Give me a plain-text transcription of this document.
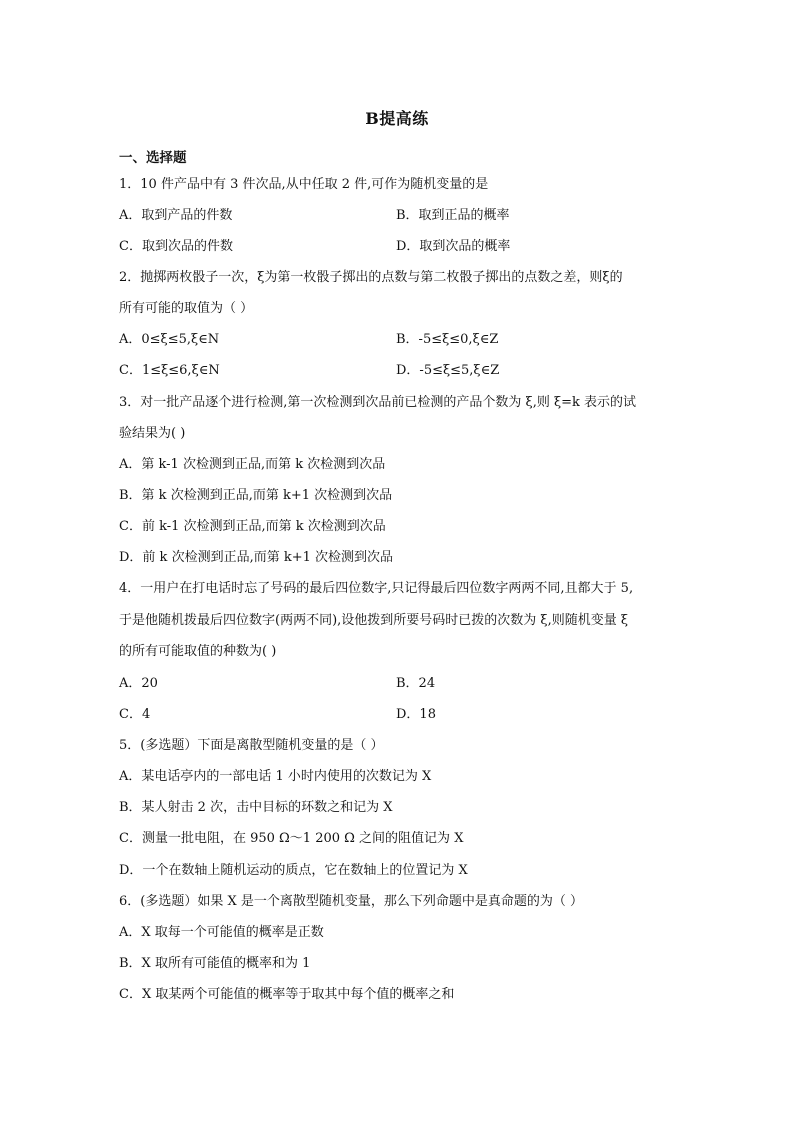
B提高练
一、选择题
1．10 件产品中有 3 件次品,从中任取 2 件,可作为随机变量的是
A．取到产品的件数	B．取到正品的概率
C．取到次品的件数	D．取到次品的概率
2．抛掷两枚骰子一次，ξ为第一枚骰子掷出的点数与第二枚骰子掷出的点数之差，则ξ的
所有可能的取值为（ ）
A．0≤ξ≤5,ξ∈N	B．-5≤ξ≤0,ξ∈Z
C．1≤ξ≤6,ξ∈N	D．-5≤ξ≤5,ξ∈Z
3．对一批产品逐个进行检测,第一次检测到次品前已检测的产品个数为 ξ,则 ξ=k 表示的试
验结果为( )
A．第 k-1 次检测到正品,而第 k 次检测到次品
B．第 k 次检测到正品,而第 k+1 次检测到次品
C．前 k-1 次检测到正品,而第 k 次检测到次品
D．前 k 次检测到正品,而第 k+1 次检测到次品
4．一用户在打电话时忘了号码的最后四位数字,只记得最后四位数字两两不同,且都大于 5,
于是他随机拨最后四位数字(两两不同),设他拨到所要号码时已拨的次数为 ξ,则随机变量 ξ
的所有可能取值的种数为( )
A．20	B．24
C．4	D．18
5．(多选题）下面是离散型随机变量的是（ ）
A．某电话亭内的一部电话 1 小时内使用的次数记为 X
B．某人射击 2 次，击中目标的环数之和记为 X
C．测量一批电阻，在 950 Ω～1 200 Ω 之间的阻值记为 X
D．一个在数轴上随机运动的质点，它在数轴上的位置记为 X
6．(多选题）如果 X 是一个离散型随机变量，那么下列命题中是真命题的为（ ）
A．X 取每一个可能值的概率是正数
B．X 取所有可能值的概率和为 1
C．X 取某两个可能值的概率等于取其中每个值的概率之和
